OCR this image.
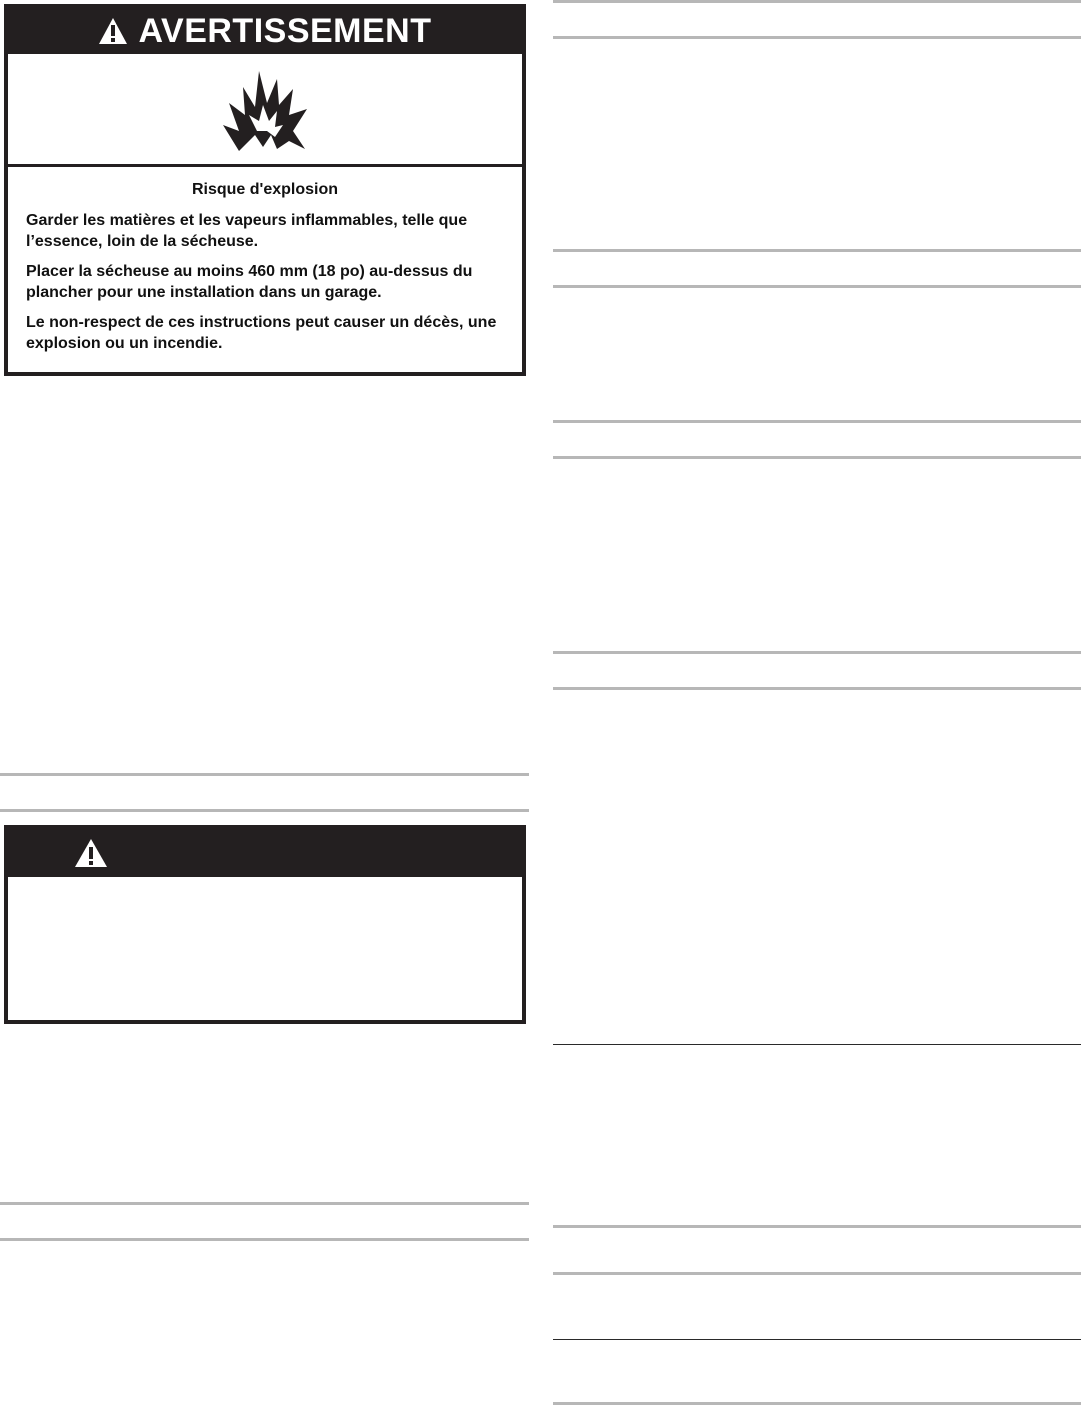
AVERTISSEMENT

Risque d'explosion

Garder les matières et les vapeurs inflammables, telle que l’essence, loin de la sécheuse.

Placer la sécheuse au moins 460 mm (18 po) au-dessus du plancher pour une installation dans un garage.

Le non-respect de ces instructions peut causer un décès, une explosion ou un incendie.
